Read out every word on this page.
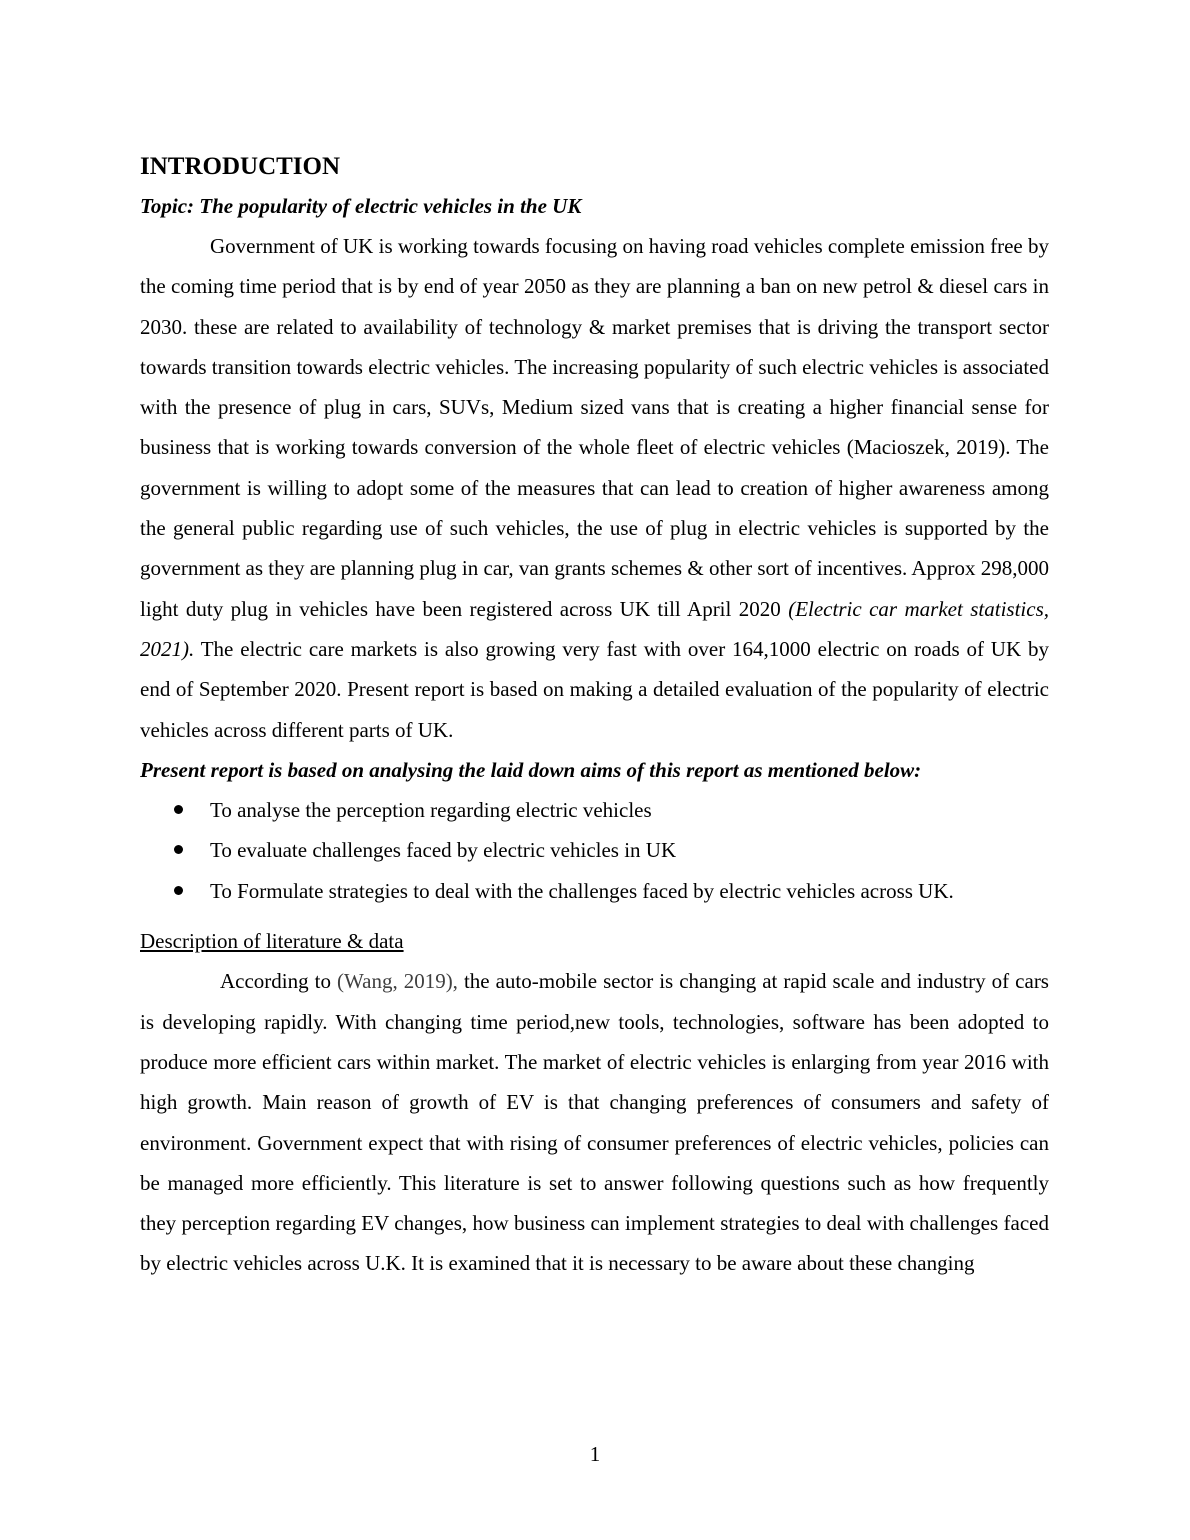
INTRODUCTION
Topic: The popularity of electric vehicles in the UK

Government of UK is working towards focusing on having road vehicles complete emission free by the coming time period that is by end of year 2050 as they are planning a ban on new petrol & diesel cars in 2030. these are related to availability of technology & market premises that is driving the transport sector towards transition towards electric vehicles. The increasing popularity of such electric vehicles is associated with the presence of plug in cars, SUVs, Medium sized vans that is creating a higher financial sense for business that is working towards conversion of the whole fleet of electric vehicles (Macioszek, 2019). The government is willing to adopt some of the measures that can lead to creation of higher awareness among the general public regarding use of such vehicles, the use of plug in electric vehicles is supported by the government as they are planning plug in car, van grants schemes & other sort of incentives. Approx 298,000 light duty plug in vehicles have been registered across UK till April 2020 (Electric car market statistics, 2021). The electric care markets is also growing very fast with over 164,1000 electric on roads of UK by end of September 2020. Present report is based on making a detailed evaluation of the popularity of electric vehicles across different parts of UK.

Present report is based on analysing the laid down aims of this report as mentioned below:

To analyse the perception regarding electric vehicles
To evaluate challenges faced by electric vehicles in UK
To Formulate strategies to deal with the challenges faced by electric vehicles across UK.
Description of literature & data

According to (Wang, 2019), the auto-mobile sector is changing at rapid scale and industry of cars is developing rapidly. With changing time period,new tools, technologies, software has been adopted to produce more efficient cars within market. The market of electric vehicles is enlarging from year 2016 with high growth. Main reason of growth of EV is that changing preferences of consumers and safety of environment. Government expect that with rising of consumer preferences of electric vehicles, policies can be managed more efficiently. This literature is set to answer following questions such as how frequently they perception regarding EV changes, how business can implement strategies to deal with challenges faced by electric vehicles across U.K. It is examined that it is necessary to be aware about these changing

1
